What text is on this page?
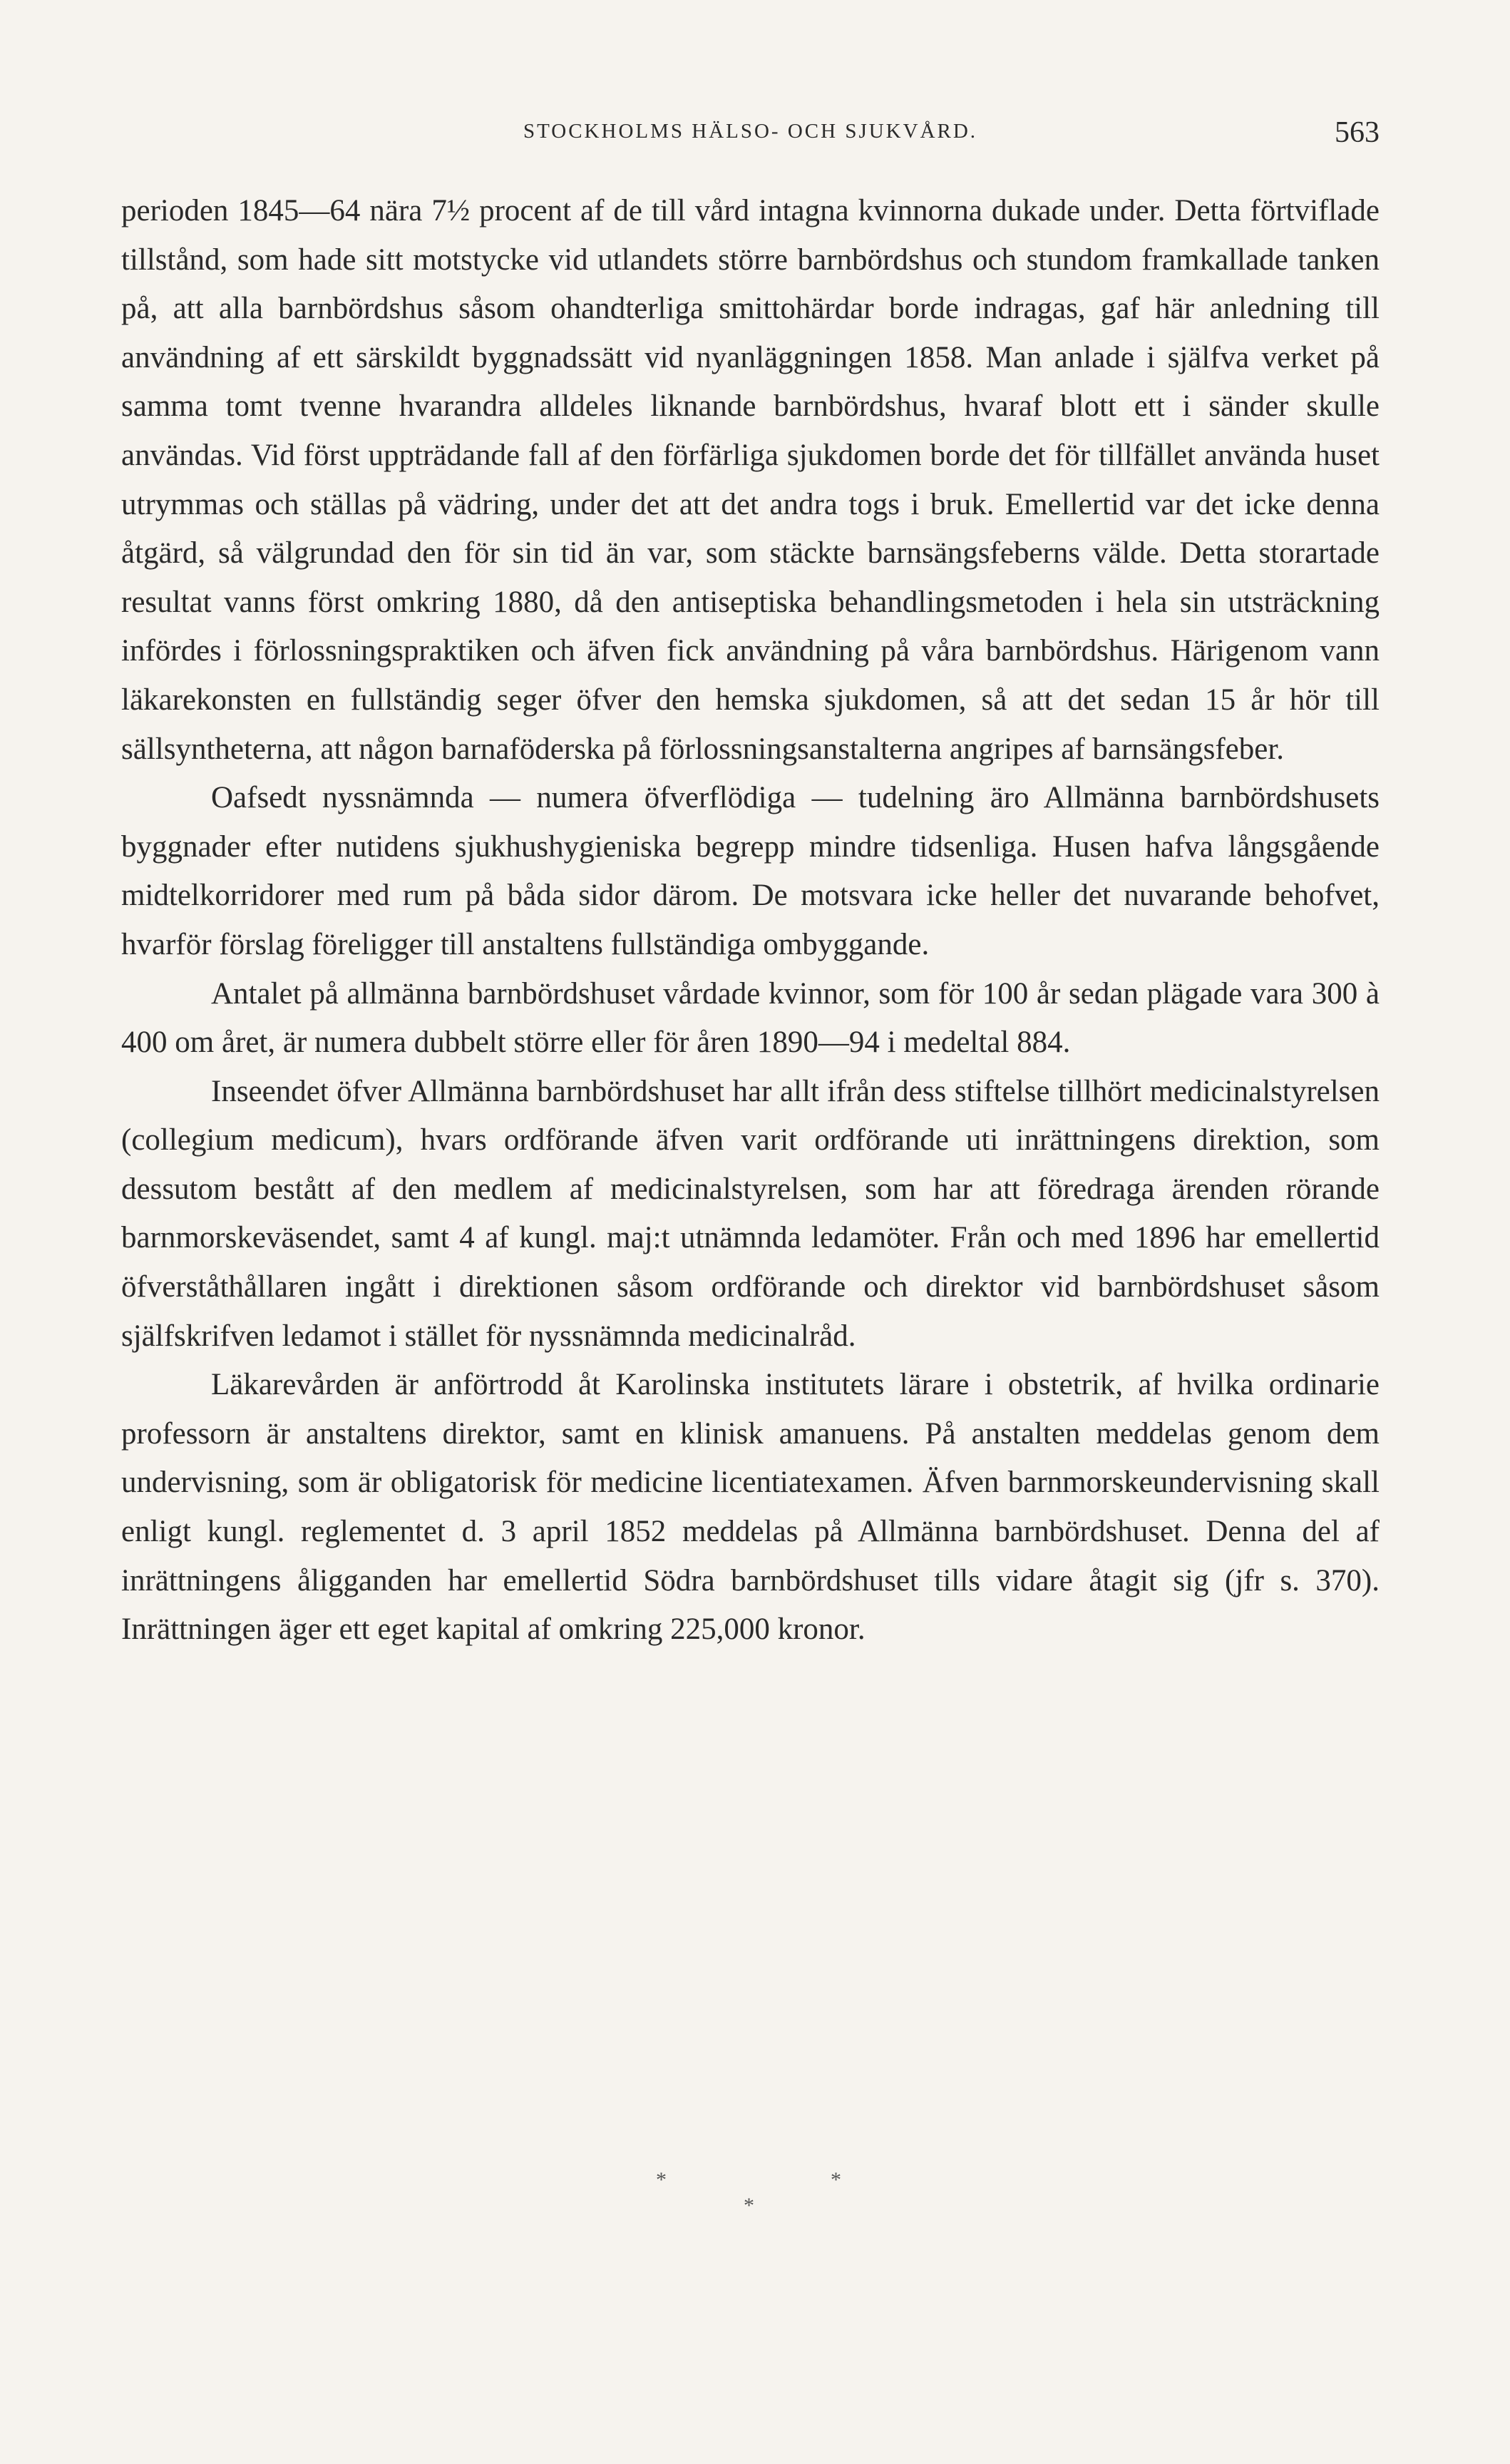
STOCKHOLMS HÄLSO- OCH SJUKVÅRD.	563

perioden 1845—64 nära 7½ procent af de till vård intagna kvinnorna dukade under. Detta förtviflade tillstånd, som hade sitt motstycke vid utlandets större barnbördshus och stundom framkallade tanken på, att alla barnbördshus såsom ohandterliga smittohärdar borde indragas, gaf här anledning till användning af ett särskildt byggnadssätt vid nyanläggningen 1858. Man anlade i själfva verket på samma tomt tvenne hvarandra alldeles liknande barnbördshus, hvaraf blott ett i sänder skulle användas. Vid först uppträdande fall af den förfärliga sjukdomen borde det för tillfället använda huset utrymmas och ställas på vädring, under det att det andra togs i bruk. Emellertid var det icke denna åtgärd, så välgrundad den för sin tid än var, som stäckte barnsängsfeberns välde. Detta storartade resultat vanns först omkring 1880, då den antiseptiska behandlingsmetoden i hela sin utsträckning infördes i förlossningspraktiken och äfven fick användning på våra barnbördshus. Härigenom vann läkarekonsten en fullständig seger öfver den hemska sjukdomen, så att det sedan 15 år hör till sällsyntheterna, att någon barnaföderska på förlossningsanstalterna angripes af barnsängsfeber.

Oafsedt nyssnämnda — numera öfverflödiga — tudelning äro Allmänna barnbördshusets byggnader efter nutidens sjukhushygieniska begrepp mindre tidsenliga. Husen hafva långsgående midtelkorridorer med rum på båda sidor därom. De motsvara icke heller det nuvarande behofvet, hvarför förslag föreligger till anstaltens fullständiga ombyggande.

Antalet på allmänna barnbördshuset vårdade kvinnor, som för 100 år sedan plägade vara 300 à 400 om året, är numera dubbelt större eller för åren 1890—94 i medeltal 884.

Inseendet öfver Allmänna barnbördshuset har allt ifrån dess stiftelse tillhört medicinalstyrelsen (collegium medicum), hvars ordförande äfven varit ordförande uti inrättningens direktion, som dessutom bestått af den medlem af medicinalstyrelsen, som har att föredraga ärenden rörande barnmorskeväsendet, samt 4 af kungl. maj:t utnämnda ledamöter. Från och med 1896 har emellertid öfverståthållaren ingått i direktionen såsom ordförande och direktor vid barnbördshuset såsom själfskrifven ledamot i stället för nyssnämnda medicinalråd.

Läkarevården är anförtrodd åt Karolinska institutets lärare i obstetrik, af hvilka ordinarie professorn är anstaltens direktor, samt en klinisk amanuens. På anstalten meddelas genom dem undervisning, som är obligatorisk för medicine licentiatexamen. Äfven barnmorskeundervisning skall enligt kungl. reglementet d. 3 april 1852 meddelas på Allmänna barnbördshuset. Denna del af inrättningens åligganden har emellertid Södra barnbördshuset tills vidare åtagit sig (jfr s. 370). Inrättningen äger ett eget kapital af omkring 225,000 kronor.

*	*
*
